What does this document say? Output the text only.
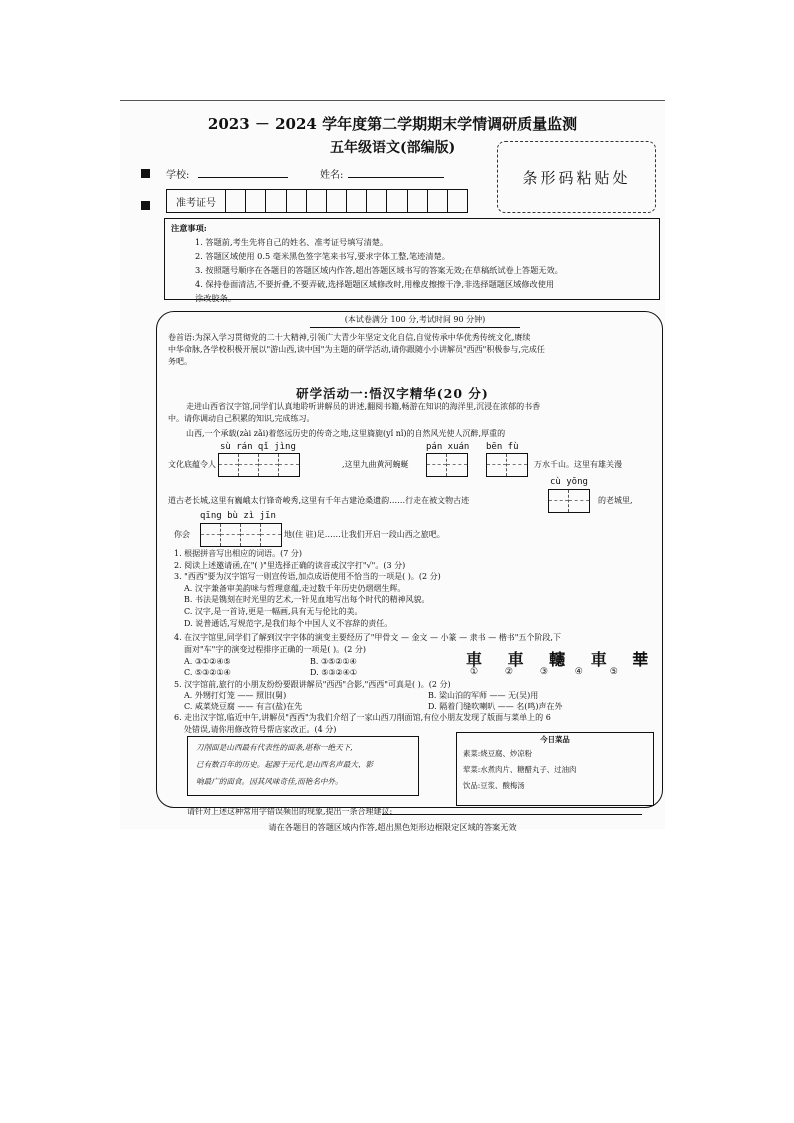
2023 － 2024 学年度第二学期期末学情调研质量监测
五年级语文(部编版)
条形码粘贴处
学校:	姓名:
准考证号
注意事项:
1. 答题前,考生先将自己的姓名、准考证号填写清楚。
2. 答题区域使用 0.5 毫米黑色签字笔来书写,要求字体工整,笔迹清楚。
3. 按照题号顺序在各题目的答题区域内作答,超出答题区域书写的答案无效;在草稿纸试卷上答题无效。
4. 保持卷面清洁,不要折叠,不要弄破,选择题题区域修改时,用橡皮擦擦干净,非选择题题区域修改使用
涂改胶条。
(本试卷满分 100 分,考试时间 90 分钟)
卷首语:为深入学习贯彻党的二十大精神,引领广大青少年坚定文化自信,自觉传承中华优秀传统文化,赓续
中华命脉,各学校积极开展以"游山西,读中国"为主题的研学活动,请你跟随小小讲解员"西西"积极参与,完成任
务吧。
研学活动一:悟汉字精华(20 分)
走进山西省汉字馆,同学们认真地聆听讲解员的讲述,翻阅书籍,畅游在知识的海洋里,沉浸在浓郁的书香
中。请你调动自己积累的知识,完成练习。
山西,一个承载(zài zǎi)着悠远历史的传奇之地,这里旖旎(yǐ nǐ)的自然风光使人沉醉,厚重的
sù rán qǐ jìng	pán xuán bēn fù
文化底蕴令人	,这里九曲黄河蜿蜒	万水千山。这里有雄关漫
cù yōng
道古老长城,这里有巍峨太行锋奇峻秀,这里有千年古建沧桑遗韵……行走在被文物古迹	的老城里,
qīng bù zì jīn
你会	地(住 驻)足……让我们开启一段山西之旅吧。
1. 根据拼音写出相应的词语。(7 分)
2. 阅读上述邀请函,在"( )"里选择正确的读音或汉字打"√"。(3 分)
3. "西西"要为汉字馆写一则宣传语,加点成语使用不恰当的一项是( )。(2 分)
A. 汉字兼备审美韵味与哲理意蕴,走过数千年历史仍熠熠生辉。
B. 书法是镌刻在时光里的艺术,一针见血地写出每个时代的精神风貌。
C. 汉字,是一首诗,更是一幅画,具有无与伦比的美。
D. 说普通话,写规范字,是我们每个中国人义不容辞的责任。
4. 在汉字馆里,同学们了解到汉字字体的演变主要经历了"甲骨文 — 金文 — 小篆 — 隶书 — 楷书"五个阶段,下
面对"车"字的演变过程排序正确的一项是( )。(2 分)
A. ③①②④⑤	B. ③⑤②①④
C. ⑤③②①④	D. ⑤③②④①
車 車 𨏥 車 𠦒
① ② ③ ④ ⑤
5. 汉字馆前,旅行的小朋友纷纷要跟讲解员"西西"合影,"西西"可真是( )。(2 分)
A. 外甥打灯笼 —— 照旧(舅)	B. 梁山泊的军师 —— 无(吴)用
C. 咸菜烧豆腐 —— 有言(盐)在先	D. 隔着门缝吹喇叭 —— 名(鸣)声在外
6. 走出汉字馆,临近中午,讲解员"西西"为我们介绍了一家山西刀削面馆,有位小朋友发现了版面与菜单上的 6
处错误,请你用修改符号帮店家改正。(4 分)
刀削面是山西最有代表性的面条,堪称一绝天下,
已有数百年的历史。起源于元代,是山西名声最大、影
响最广的面食。因其风味奇佳,而艳名中外。
今日菜品
素菜:烧豆腐、炒凉粉
荤菜:水煮肉片、糖醋丸子、过油肉
饮品:豆浆、酸梅汤
请针对上述这种常用字错误频出的现象,提出一条合理建议:
请在各题目的答题区域内作答,超出黑色矩形边框限定区域的答案无效
